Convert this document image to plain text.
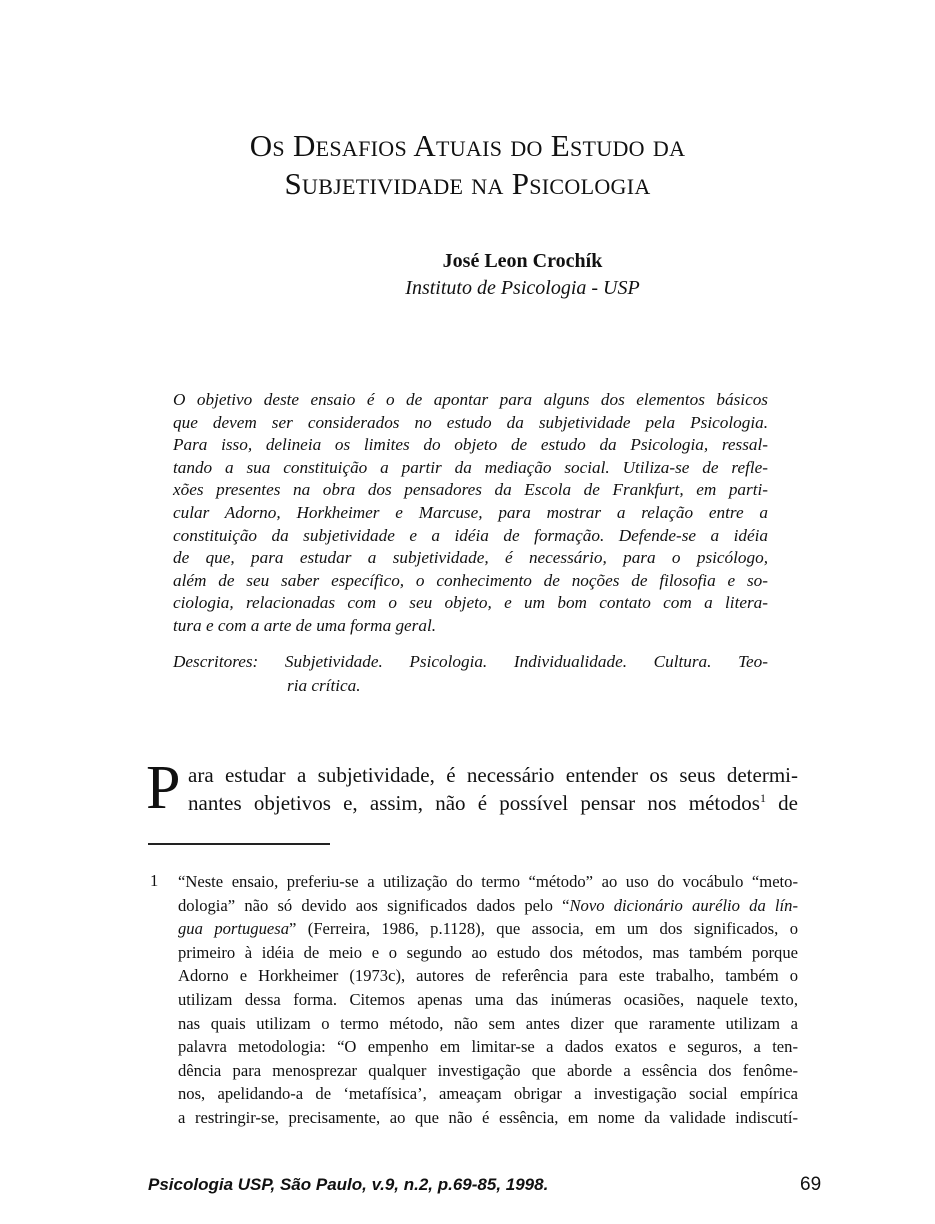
Os Desafios Atuais do Estudo da
Subjetividade na Psicologia
José Leon Crochík
Instituto de Psicologia - USP
O objetivo deste ensaio é o de apontar para alguns dos elementos básicos
que devem ser considerados no estudo da subjetividade pela Psicologia.
Para isso, delineia os limites do objeto de estudo da Psicologia, ressal-
tando a sua constituição a partir da mediação social. Utiliza-se de refle-
xões presentes na obra dos pensadores da Escola de Frankfurt, em parti-
cular Adorno, Horkheimer e Marcuse, para mostrar a relação entre a
constituição da subjetividade e a idéia de formação. Defende-se a idéia
de que, para estudar a subjetividade, é necessário, para o psicólogo,
além de seu saber específico, o conhecimento de noções de filosofia e so-
ciologia, relacionadas com o seu objeto, e um bom contato com a litera-
tura e com a arte de uma forma geral.
Descritores: Subjetividade. Psicologia. Individualidade. Cultura. Teo-
ria crítica.
P ara estudar a subjetividade, é necessário entender os seus determi-
nantes objetivos e, assim, não é possível pensar nos métodos$^1$ de
1 “Neste ensaio, preferiu-se a utilização do termo “método” ao uso do vocábulo “meto-
dologia” não só devido aos significados dados pelo “Novo dicionário aurélio da lín-
gua portuguesa” (Ferreira, 1986, p.1128), que associa, em um dos significados, o
primeiro à idéia de meio e o segundo ao estudo dos métodos, mas também porque
Adorno e Horkheimer (1973c), autores de referência para este trabalho, também o
utilizam dessa forma. Citemos apenas uma das inúmeras ocasiões, naquele texto,
nas quais utilizam o termo método, não sem antes dizer que raramente utilizam a
palavra metodologia: “O empenho em limitar-se a dados exatos e seguros, a ten-
dência para menosprezar qualquer investigação que aborde a essência dos fenôme-
nos, apelidando-a de ‘metafísica’, ameaçam obrigar a investigação social empírica
a restringir-se, precisamente, ao que não é essência, em nome da validade indiscutí-
Psicologia USP, São Paulo, v.9, n.2, p.69-85, 1998.	69
